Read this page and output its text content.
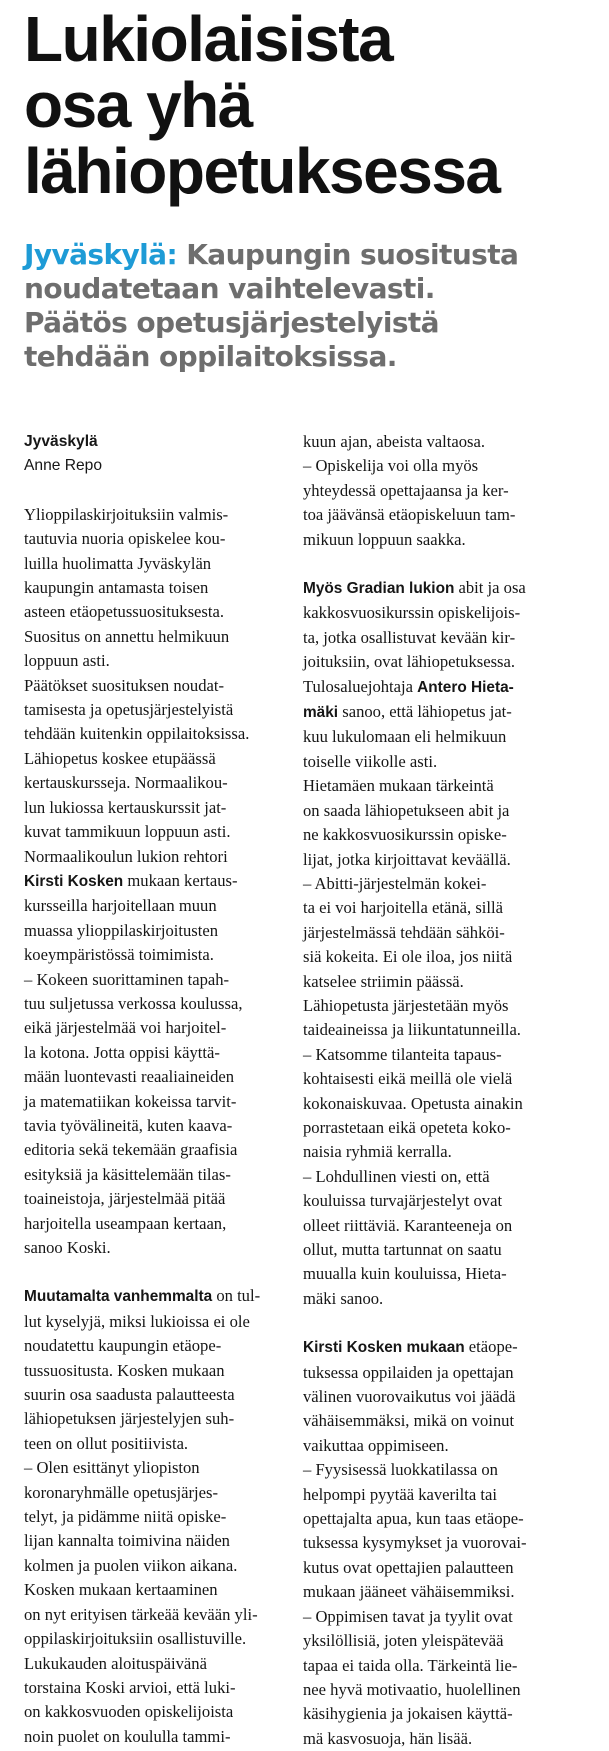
Lukiolaisista
osa yhä
lähiopetuksessa
Jyväskylä: Kaupungin suositusta
noudatetaan vaihtelevasti.
Päätös opetusjärjestelyistä
tehdään oppilaitoksissa.
Jyväskylä
Anne Repo
Ylioppilaskirjoituksiin valmis-
tautuvia nuoria opiskelee kou-
luilla huolimatta Jyväskylän
kaupungin antamasta toisen
asteen etäopetussuosituksesta.
Suositus on annettu helmikuun
loppuun asti.
Päätökset suosituksen noudat-
tamisesta ja opetusjärjestelyistä
tehdään kuitenkin oppilaitoksissa.
Lähiopetus koskee etupäässä
kertauskursseja. Normaalikou-
lun lukiossa kertauskurssit jat-
kuvat tammikuun loppuun asti.
Normaalikoulun lukion rehtori
Kirsti Kosken mukaan kertaus-
kursseilla harjoitellaan muun
muassa ylioppilaskirjoitusten
koeympäristössä toimimista.
– Kokeen suorittaminen tapah-
tuu suljetussa verkossa koulussa,
eikä järjestelmää voi harjoitel-
la kotona. Jotta oppisi käyttä-
mään luontevasti reaaliaineiden
ja matematiikan kokeissa tarvit-
tavia työvälineitä, kuten kaava-
editoria sekä tekemään graafisia
esityksiä ja käsittelemään tilas-
toaineistoja, järjestelmää pitää
harjoitella useampaan kertaan,
sanoo Koski.
Muutamalta vanhemmalta on tul-
lut kyselyjä, miksi lukioissa ei ole
noudatettu kaupungin etäope-
tussuositusta. Kosken mukaan
suurin osa saadusta palautteesta
lähiopetuksen järjestelyjen suh-
teen on ollut positiivista.
– Olen esittänyt yliopiston
koronaryhmälle opetusjärjes-
telyt, ja pidämme niitä opiske-
lijan kannalta toimivina näiden
kolmen ja puolen viikon aikana.
Kosken mukaan kertaaminen
on nyt erityisen tärkeää kevään yli-
oppilaskirjoituksiin osallistuville.
Lukukauden aloituspäivänä
torstaina Koski arvioi, että luki-
on kakkosvuoden opiskelijoista
noin puolet on koululla tammi-
kuun ajan, abeista valtaosa.
– Opiskelija voi olla myös
yhteydessä opettajaansa ja ker-
toa jäävänsä etäopiskeluun tam-
mikuun loppuun saakka.
Myös Gradian lukion abit ja osa
kakkosvuosikurssin opiskelijois-
ta, jotka osallistuvat kevään kir-
joituksiin, ovat lähiopetuksessa.
Tulosaluejohtaja Antero Hieta-
mäki sanoo, että lähiopetus jat-
kuu lukulomaan eli helmikuun
toiselle viikolle asti.
Hietamäen mukaan tärkeintä
on saada lähiopetukseen abit ja
ne kakkosvuosikurssin opiske-
lijat, jotka kirjoittavat keväällä.
– Abitti-järjestelmän kokei-
ta ei voi harjoitella etänä, sillä
järjestelmässä tehdään sähköi-
siä kokeita. Ei ole iloa, jos niitä
katselee striimin päässä.
Lähiopetusta järjestetään myös
taideaineissa ja liikuntatunneilla.
– Katsomme tilanteita tapaus-
kohtaisesti eikä meillä ole vielä
kokonaiskuvaa. Opetusta ainakin
porrastetaan eikä opeteta koko-
naisia ryhmiä kerralla.
– Lohdullinen viesti on, että
kouluissa turvajärjestelyt ovat
olleet riittäviä. Karanteeneja on
ollut, mutta tartunnat on saatu
muualla kuin kouluissa, Hieta-
mäki sanoo.
Kirsti Kosken mukaan etäope-
tuksessa oppilaiden ja opettajan
välinen vuorovaikutus voi jäädä
vähäisemmäksi, mikä on voinut
vaikuttaa oppimiseen.
– Fyysisessä luokkatilassa on
helpompi pyytää kaverilta tai
opettajalta apua, kun taas etäope-
tuksessa kysymykset ja vuorovai-
kutus ovat opettajien palautteen
mukaan jääneet vähäisemmiksi.
– Oppimisen tavat ja tyylit ovat
yksilöllisiä, joten yleispätevää
tapaa ei taida olla. Tärkeintä lie-
nee hyvä motivaatio, huolellinen
käsihygienia ja jokaisen käyttä-
mä kasvosuoja, hän lisää.
